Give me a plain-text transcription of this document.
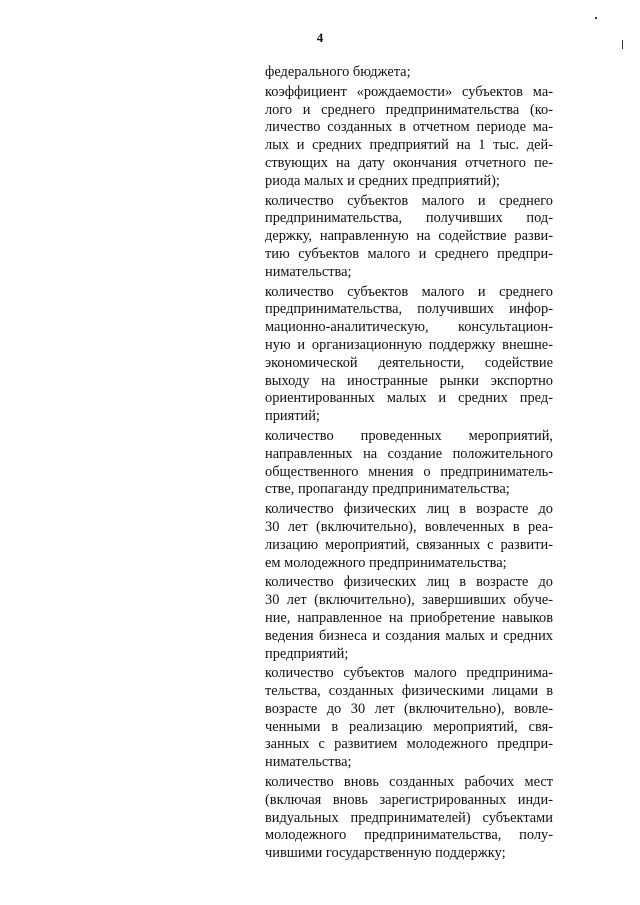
4
федерального бюджета;
коэффициент «рождаемости» субъектов ма-
лого и среднего предпринимательства (ко-
личество созданных в отчетном периоде ма-
лых и средних предприятий на 1 тыс. дей-
ствующих на дату окончания отчетного пе-
риода малых и средних предприятий);
количество субъектов малого и среднего
предпринимательства, получивших под-
держку, направленную на содействие разви-
тию субъектов малого и среднего предпри-
нимательства;
количество субъектов малого и среднего
предпринимательства, получивших инфор-
мационно-аналитическую, консультацион-
ную и организационную поддержку внешне-
экономической деятельности, содействие
выходу на иностранные рынки экспортно
ориентированных малых и средних пред-
приятий;
количество проведенных мероприятий,
направленных на создание положительного
общественного мнения о предприниматель-
стве, пропаганду предпринимательства;
количество физических лиц в возрасте до
30 лет (включительно), вовлеченных в реа-
лизацию мероприятий, связанных с развити-
ем молодежного предпринимательства;
количество физических лиц в возрасте до
30 лет (включительно), завершивших обуче-
ние, направленное на приобретение навыков
ведения бизнеса и создания малых и средних
предприятий;
количество субъектов малого предпринима-
тельства, созданных физическими лицами в
возрасте до 30 лет (включительно), вовле-
ченными в реализацию мероприятий, свя-
занных с развитием молодежного предпри-
нимательства;
количество вновь созданных рабочих мест
(включая вновь зарегистрированных инди-
видуальных предпринимателей) субъектами
молодежного предпринимательства, полу-
чившими государственную поддержку;
